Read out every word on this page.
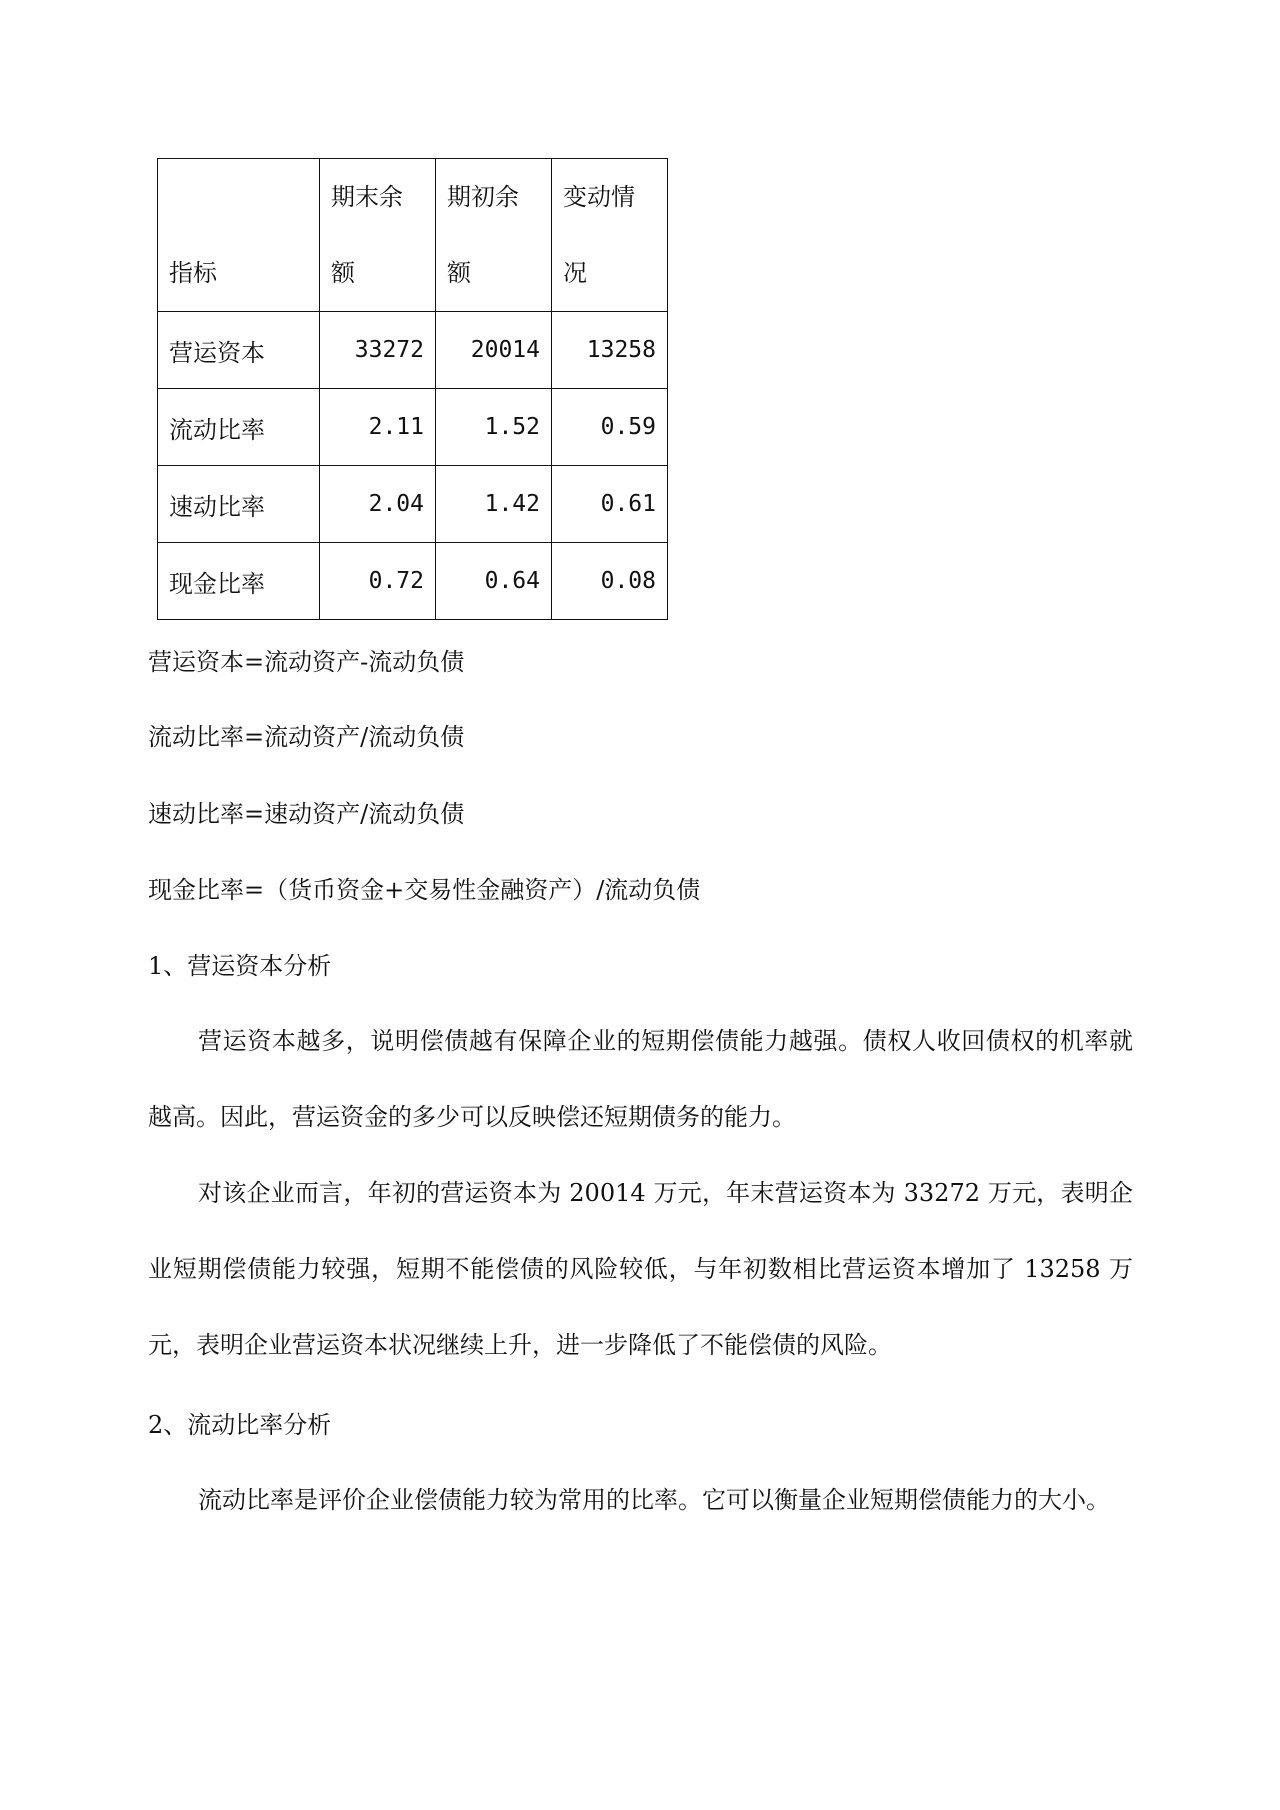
指标	期末余额	期初余额	变动情况
营运资本	33272	20014	13258
流动比率	2.11	1.52	0.59
速动比率	2.04	1.42	0.61
现金比率	0.72	0.64	0.08
营运资本=流动资产-流动负债
流动比率=流动资产/流动负债
速动比率=速动资产/流动负债
现金比率=（货币资金+交易性金融资产）/流动负债
1、营运资本分析
营运资本越多，说明偿债越有保障企业的短期偿债能力越强。债权人收回债权的机率就越高。因此，营运资金的多少可以反映偿还短期债务的能力。
对该企业而言，年初的营运资本为 20014 万元，年末营运资本为 33272 万元，表明企业短期偿债能力较强，短期不能偿债的风险较低，与年初数相比营运资本增加了 13258 万元，表明企业营运资本状况继续上升，进一步降低了不能偿债的风险。
2、流动比率分析
流动比率是评价企业偿债能力较为常用的比率。它可以衡量企业短期偿债能力的大小。
